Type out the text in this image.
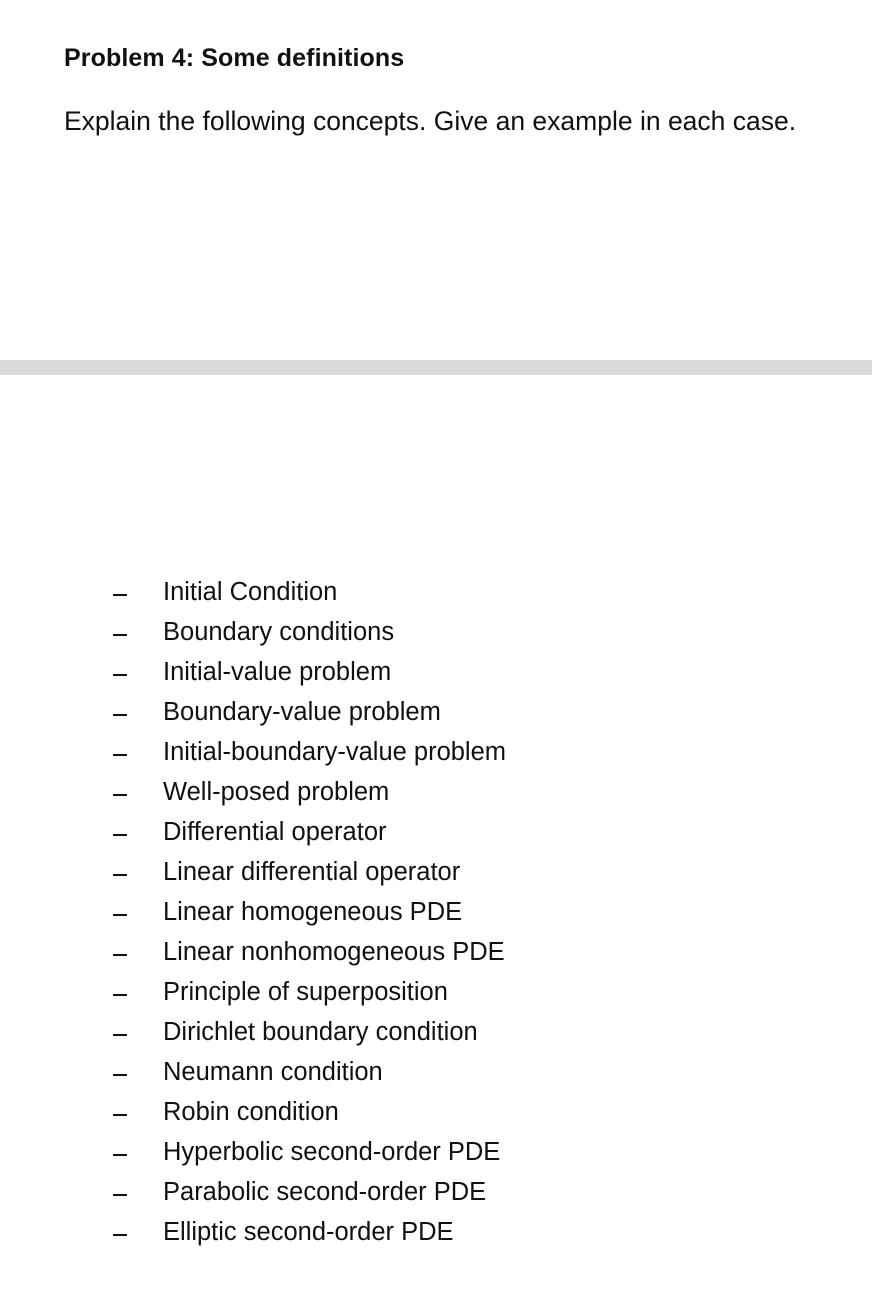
Problem 4: Some definitions
Explain the following concepts. Give an example in each case.
Initial Condition
Boundary conditions
Initial-value problem
Boundary-value problem
Initial-boundary-value problem
Well-posed problem
Differential operator
Linear differential operator
Linear homogeneous PDE
Linear nonhomogeneous PDE
Principle of superposition
Dirichlet boundary condition
Neumann condition
Robin condition
Hyperbolic second-order PDE
Parabolic second-order PDE
Elliptic second-order PDE
